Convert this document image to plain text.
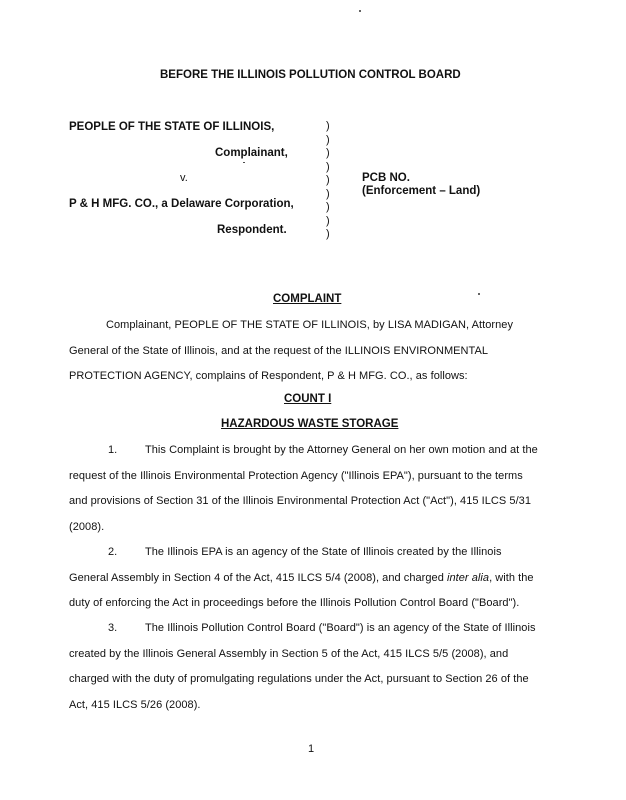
BEFORE THE ILLINOIS POLLUTION CONTROL BOARD
PEOPLE OF THE STATE OF ILLINOIS,
Complainant,
v.
P & H MFG. CO., a Delaware Corporation,
Respondent.
)
)
)
)
)
)
)
)
)
PCB NO.
(Enforcement – Land)
COMPLAINT
Complainant, PEOPLE OF THE STATE OF ILLINOIS, by LISA MADIGAN, Attorney
General of the State of Illinois, and at the request of the ILLINOIS ENVIRONMENTAL
PROTECTION AGENCY, complains of Respondent, P & H MFG. CO., as follows:
COUNT I
HAZARDOUS WASTE STORAGE
1.	This Complaint is brought by the Attorney General on her own motion and at the
request of the Illinois Environmental Protection Agency ("Illinois EPA"), pursuant to the terms
and provisions of Section 31 of the Illinois Environmental Protection Act ("Act"), 415 ILCS 5/31
(2008).
2.	The Illinois EPA is an agency of the State of Illinois created by the Illinois
General Assembly in Section 4 of the Act, 415 ILCS 5/4 (2008), and charged inter alia, with the
duty of enforcing the Act in proceedings before the Illinois Pollution Control Board ("Board").
3.	The Illinois Pollution Control Board ("Board") is an agency of the State of Illinois
created by the Illinois General Assembly in Section 5 of the Act, 415 ILCS 5/5 (2008), and
charged with the duty of promulgating regulations under the Act, pursuant to Section 26 of the
Act, 415 ILCS 5/26 (2008).
1
